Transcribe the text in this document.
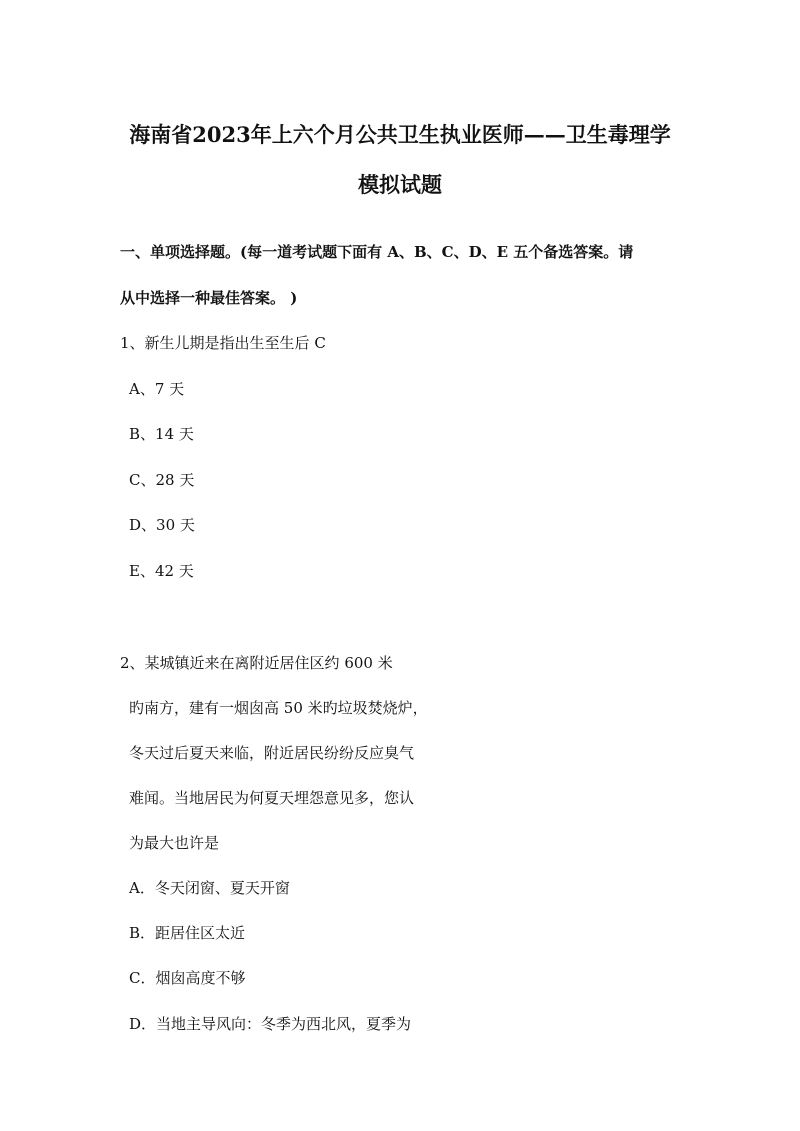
海南省2023年上六个月公共卫生执业医师——卫生毒理学
模拟试题
一、单项选择题。(每一道考试题下面有 A、B、C、D、E 五个备选答案。请
从中选择一种最佳答案。 )
1、新生儿期是指出生至生后 C
A、7 天
B、14 天
C、28 天
D、30 天
E、42 天
2、某城镇近来在离附近居住区约 600 米
旳南方，建有一烟囱高 50 米旳垃圾焚烧炉，
冬天过后夏天来临，附近居民纷纷反应臭气
难闻。当地居民为何夏天埋怨意见多，您认
为最大也许是
A．冬天闭窗、夏天开窗
B．距居住区太近
C．烟囱高度不够
D．当地主导风向：冬季为西北风，夏季为
